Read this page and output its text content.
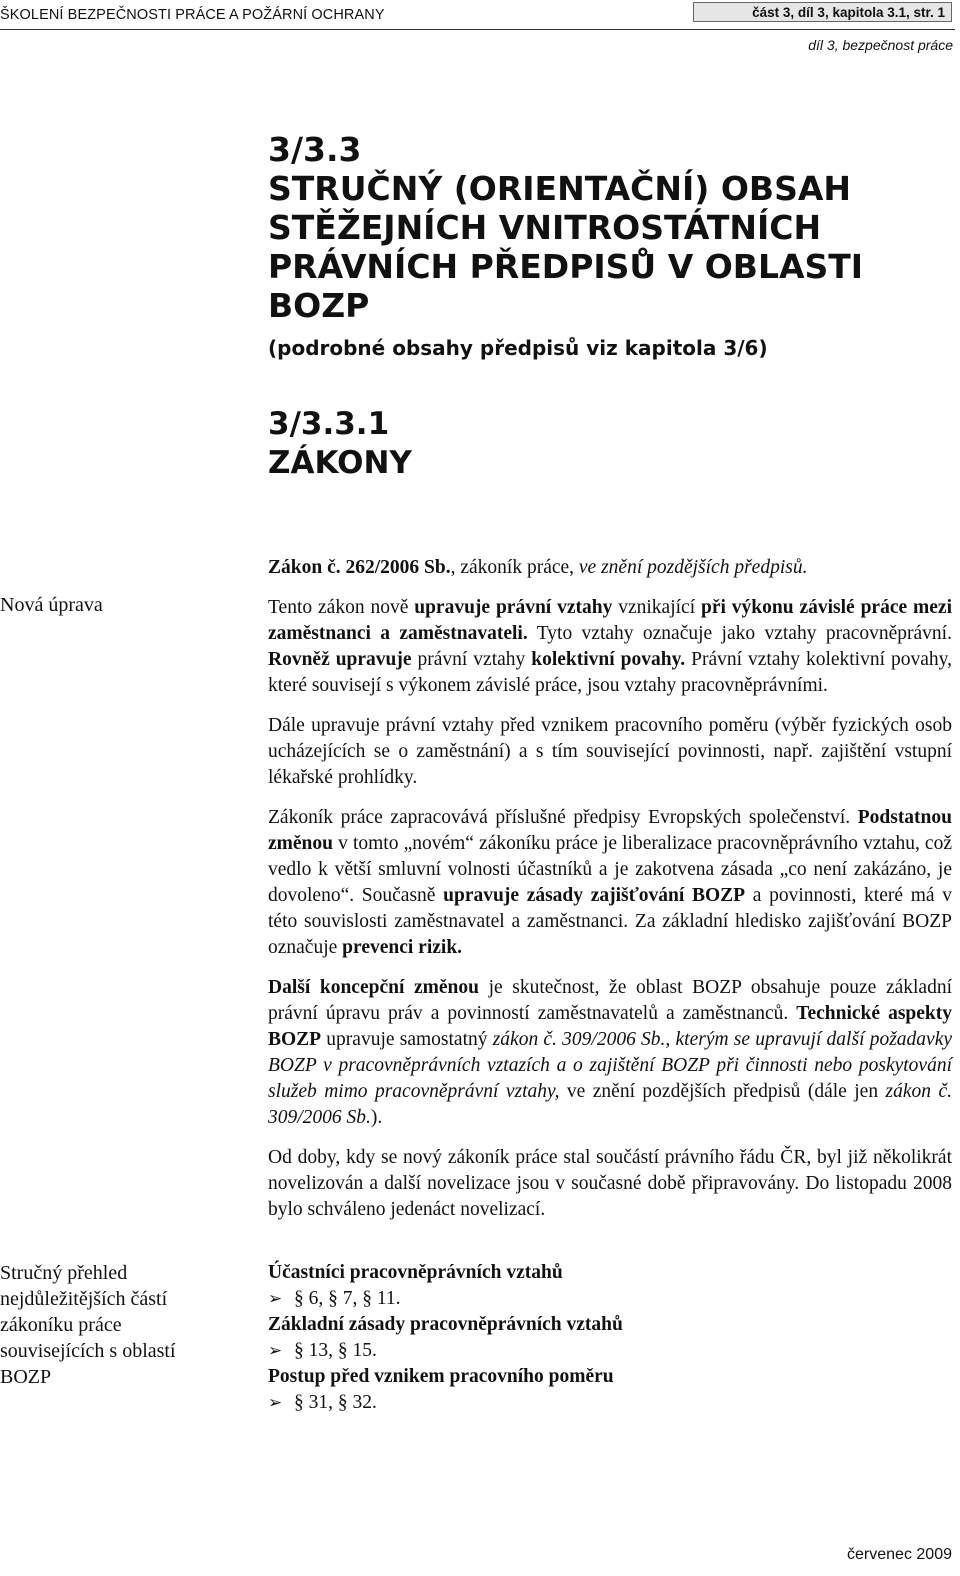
ŠKOLENÍ BEZPEČNOSTI PRÁCE A POŽÁRNÍ OCHRANY	část 3, díl 3, kapitola 3.1, str. 1
díl 3, bezpečnost práce
3/3.3
STRUČNÝ (ORIENTAČNÍ) OBSAH
STĚŽEJNÍCH VNITROSTÁTNÍCH
PRÁVNÍCH PŘEDPISŮ V OBLASTI
BOZP
(podrobné obsahy předpisů viz kapitola 3/6)
3/3.3.1
ZÁKONY
Nová úprava
Stručný přehled
nejdůležitějších částí
zákoníku práce
souvisejících s oblastí
BOZP

Zákon č. 262/2006 Sb., zákoník práce, ve znění pozdějších předpisů.

Tento zákon nově upravuje právní vztahy vznikající při výkonu závislé práce mezi zaměstnanci a zaměstnavateli. Tyto vztahy označuje jako vztahy pracovněprávní. Rovněž upravuje právní vztahy kolektivní povahy. Právní vztahy kolektivní povahy, které souvisejí s výkonem závislé práce, jsou vztahy pracovněprávními.

Dále upravuje právní vztahy před vznikem pracovního poměru (výběr fyzických osob ucházejících se o zaměstnání) a s tím související povinnosti, např. zajištění vstupní lékařské prohlídky.

Zákoník práce zapracovává příslušné předpisy Evropských společenství. Podstatnou změnou v tomto „novém“ zákoníku práce je liberalizace pracovněprávního vztahu, což vedlo k větší smluvní volnosti účastníků a je zakotvena zásada „co není zakázáno, je dovoleno“. Současně upravuje zásady zajišťování BOZP a povinnosti, které má v této souvislosti zaměstnavatel a zaměstnanci. Za základní hledisko zajišťování BOZP označuje prevenci rizik.

Další koncepční změnou je skutečnost, že oblast BOZP obsahuje pouze základní právní úpravu práv a povinností zaměstnavatelů a zaměstnanců. Technické aspekty BOZP upravuje samostatný zákon č. 309/2006 Sb., kterým se upravují další požadavky BOZP v pracovněprávních vztazích a o zajištění BOZP při činnosti nebo poskytování služeb mimo pracovněprávní vztahy, ve znění pozdějších předpisů (dále jen zákon č. 309/2006 Sb.).

Od doby, kdy se nový zákoník práce stal součástí právního řádu ČR, byl již několikrát novelizován a další novelizace jsou v současné době připravovány. Do listopadu 2008 bylo schváleno jedenáct novelizací.

Účastníci pracovněprávních vztahů

➢ § 6, § 7, § 11.

Základní zásady pracovněprávních vztahů

➢ § 13, § 15.

Postup před vznikem pracovního poměru

➢ § 31, § 32.

červenec 2009
